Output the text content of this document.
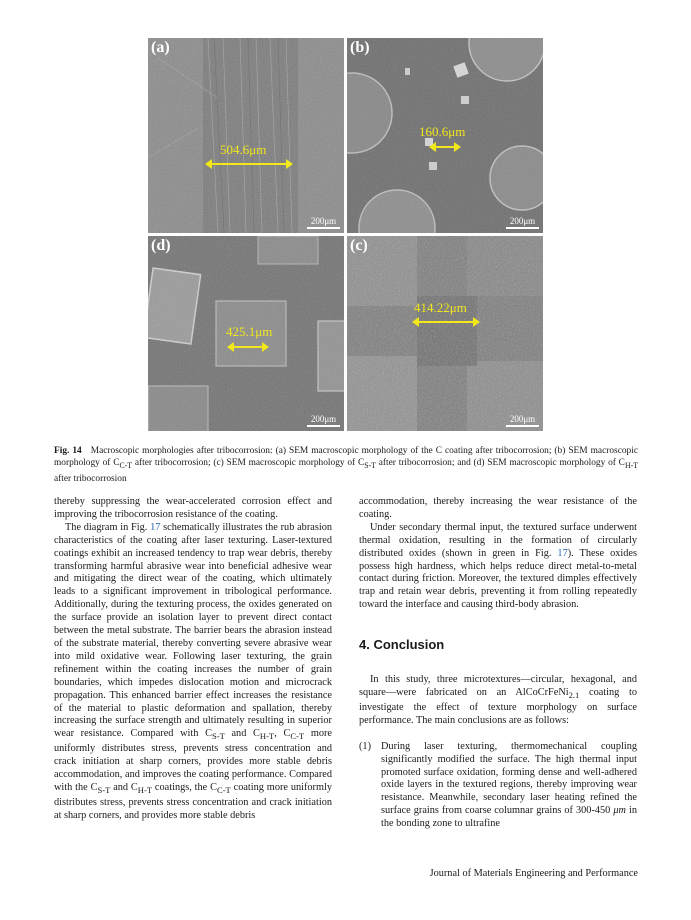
(a)
504.6μm
200μm
(b)
160.6μm
200μm
(d)
425.1μm
200μm
(c)
414.22μm
200μm
Fig. 14 Macroscopic morphologies after tribocorrosion: (a) SEM macroscopic morphology of the C coating after tribocorrosion; (b) SEM macroscopic morphology of $C_{C-T}$ after tribocorrosion; (c) SEM macroscopic morphology of $C_{S-T}$ after tribocorrosion; and (d) SEM macroscopic morphology of $C_{H-T}$ after tribocorrosion

thereby suppressing the wear-accelerated corrosion effect and improving the tribocorrosion resistance of the coating.

The diagram in Fig. 17 schematically illustrates the rub abrasion characteristics of the coating after laser texturing. Laser-textured coatings exhibit an increased tendency to trap wear debris, thereby transforming harmful abrasive wear into beneficial adhesive wear and mitigating the direct wear of the coating, which ultimately leads to a significant improvement in tribological performance. Additionally, during the texturing process, the oxides generated on the surface provide an isolation layer to prevent direct contact between the metal substrate. The barrier bears the abrasion instead of the substrate material, thereby converting severe abrasive wear into mild oxidative wear. Following laser texturing, the grain refinement within the coating increases the number of grain boundaries, which impedes dislocation motion and microcrack propagation. This enhanced barrier effect increases the resistance of the material to plastic deformation and spallation, thereby increasing the surface strength and ultimately resulting in superior wear resistance. Compared with $C_{S-T}$ and $C_{H-T}$, $C_{C-T}$ more uniformly distributes stress, prevents stress concentration and crack initiation at sharp corners, provides more stable debris accommodation, and improves the coating performance. Compared with the $C_{S-T}$ and $C_{H-T}$ coatings, the $C_{C-T}$ coating more uniformly distributes stress, prevents stress concentration and crack initiation at sharp corners, and provides more stable debris

accommodation, thereby increasing the wear resistance of the coating.

Under secondary thermal input, the textured surface underwent thermal oxidation, resulting in the formation of circularly distributed oxides (shown in green in Fig. 17). These oxides possess high hardness, which helps reduce direct metal-to-metal contact during friction. Moreover, the textured dimples effectively trap and retain wear debris, preventing it from rolling repeatedly toward the interface and causing third-body abrasion.

4. Conclusion

In this study, three microtextures—circular, hexagonal, and square—were fabricated on an AlCoCrFeNi$_{2.1}$ coating to investigate the effect of texture morphology on surface performance. The main conclusions are as follows:

(1) During laser texturing, thermomechanical coupling significantly modified the surface. The high thermal input promoted surface oxidation, forming dense and well-adhered oxide layers in the textured regions, thereby improving wear resistance. Meanwhile, secondary laser heating refined the surface grains from coarse columnar grains of 300-450 μm in the bonding zone to ultrafine

Journal of Materials Engineering and Performance
